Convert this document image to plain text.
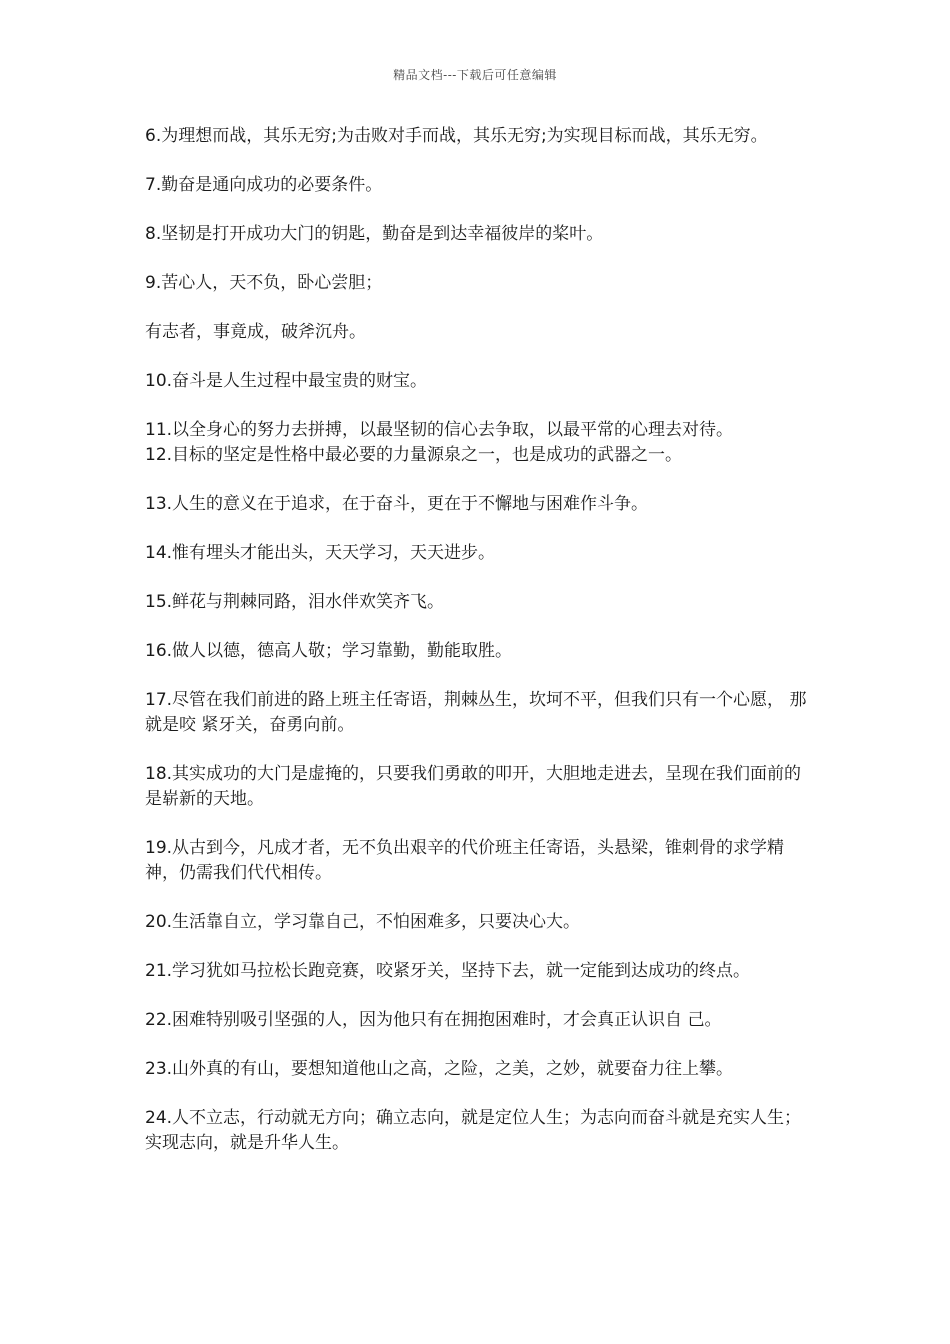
精品文档---下载后可任意编辑

6.为理想而战，其乐无穷;为击败对手而战，其乐无穷;为实现目标而战，其乐无穷。

7.勤奋是通向成功的必要条件。

8.坚韧是打开成功大门的钥匙，勤奋是到达幸福彼岸的桨叶。

9.苦心人，天不负，卧心尝胆；

有志者，事竟成，破斧沉舟。

10.奋斗是人生过程中最宝贵的财宝。

11.以全身心的努力去拼搏，以最坚韧的信心去争取，以最平常的心理去对待。

12.目标的坚定是性格中最必要的力量源泉之一，也是成功的武器之一。

13.人生的意义在于追求，在于奋斗，更在于不懈地与困难作斗争。

14.惟有埋头才能出头，天天学习，天天进步。

15.鲜花与荆棘同路，泪水伴欢笑齐飞。

16.做人以德，德高人敬；学习靠勤，勤能取胜。

17.尽管在我们前进的路上班主任寄语，荆棘丛生，坎坷不平，但我们只有一个心愿， 那就是咬 紧牙关，奋勇向前。

18.其实成功的大门是虚掩的，只要我们勇敢的叩开，大胆地走进去，呈现在我们面前的是崭新的天地。

19.从古到今，凡成才者，无不负出艰辛的代价班主任寄语，头悬梁，锥刺骨的求学精 神，仍需我们代代相传。

20.生活靠自立，学习靠自己，不怕困难多，只要决心大。

21.学习犹如马拉松长跑竞赛，咬紧牙关，坚持下去，就一定能到达成功的终点。

22.困难特别吸引坚强的人，因为他只有在拥抱困难时，才会真正认识自 己。

23.山外真的有山，要想知道他山之高，之险，之美，之妙，就要奋力往上攀。

24.人不立志，行动就无方向；确立志向，就是定位人生；为志向而奋斗就是充实人生；实现志向，就是升华人生。
